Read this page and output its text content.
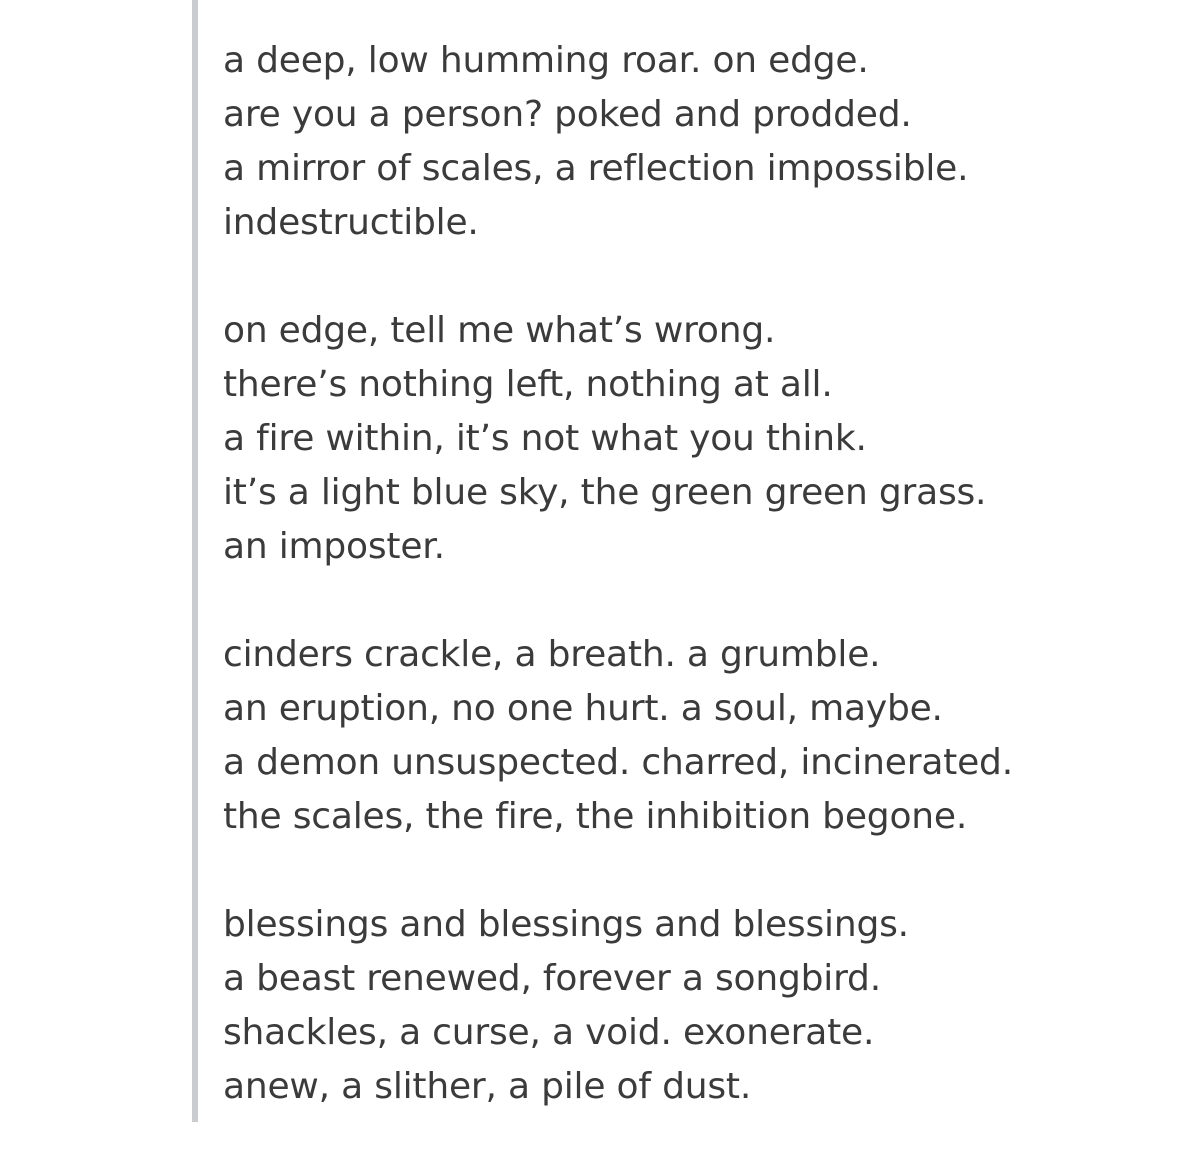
a deep, low humming roar. on edge.
are you a person? poked and prodded.
a mirror of scales, a reflection impossible.
indestructible.
on edge, tell me what’s wrong.
there’s nothing left, nothing at all.
a fire within, it’s not what you think.
it’s a light blue sky, the green green grass.
an imposter.
cinders crackle, a breath. a grumble.
an eruption, no one hurt. a soul, maybe.
a demon unsuspected. charred, incinerated.
the scales, the fire, the inhibition begone.
blessings and blessings and blessings.
a beast renewed, forever a songbird.
shackles, a curse, a void. exonerate.
anew, a slither, a pile of dust.
